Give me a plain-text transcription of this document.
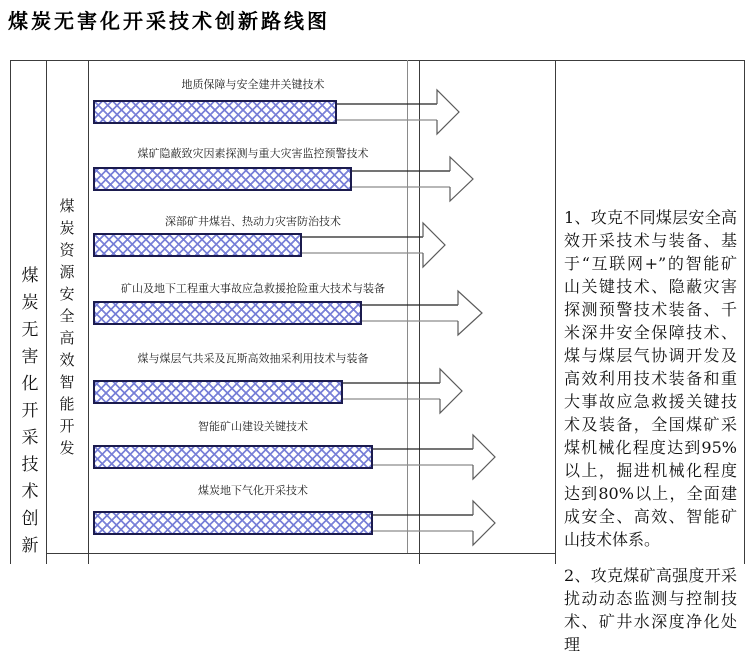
煤炭无害化开采技术创新路线图
煤炭无害化开采技术创新 煤炭资源安全高效智能开发
地质保障与安全建井关键技术
煤矿隐蔽致灾因素探测与重大灾害监控预警技术
深部矿井煤岩、热动力灾害防治技术
矿山及地下工程重大事故应急救援抢险重大技术与装备
煤与煤层气共采及瓦斯高效抽采利用技术与装备
智能矿山建设关键技术
煤炭地下气化开采技术

1、攻克不同煤层安全高效开采技术与装备、基于“互联网+”的智能矿山关键技术、隐蔽灾害探测预警技术装备、千米深井安全保障技术、煤与煤层气协调开发及高效利用技术装备和重大事故应急救援关键技术及装备，全国煤矿采煤机械化程度达到95%以上，掘进机械化程度达到80%以上，全面建成安全、高效、智能矿山技术体系。

2、攻克煤矿高强度开采扰动动态监测与控制技术、矿井水深度净化处理
